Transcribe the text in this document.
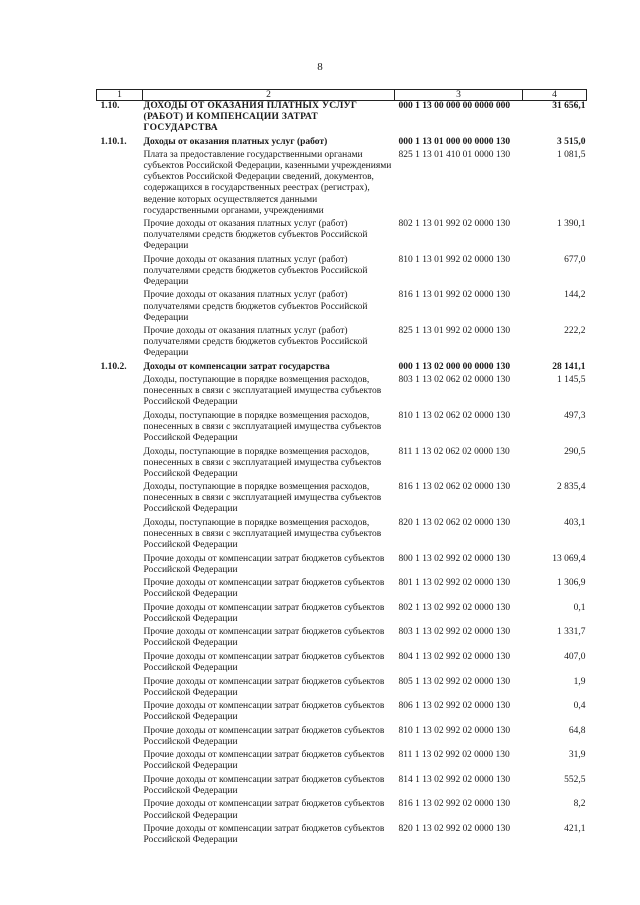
8
1	2	3	4
1.10.	ДОХОДЫ ОТ ОКАЗАНИЯ ПЛАТНЫХ УСЛУГ (РАБОТ) И КОМПЕНСАЦИИ ЗАТРАТ ГОСУДАРСТВА	000 1 13 00 000 00 0000 000	31 656,1
1.10.1.	Доходы от оказания платных услуг (работ)	000 1 13 01 000 00 0000 130	3 515,0
	Плата за предоставление государственными органами субъектов Российской Федерации, казенными учреждениями субъектов Российской Федерации сведений, документов, содержащихся в государственных реестрах (регистрах), ведение которых осуществляется данными государственными органами, учреждениями	825 1 13 01 410 01 0000 130	1 081,5
	Прочие доходы от оказания платных услуг (работ) получателями средств бюджетов субъектов Российской Федерации	802 1 13 01 992 02 0000 130	1 390,1
	Прочие доходы от оказания платных услуг (работ) получателями средств бюджетов субъектов Российской Федерации	810 1 13 01 992 02 0000 130	677,0
	Прочие доходы от оказания платных услуг (работ) получателями средств бюджетов субъектов Российской Федерации	816 1 13 01 992 02 0000 130	144,2
	Прочие доходы от оказания платных услуг (работ) получателями средств бюджетов субъектов Российской Федерации	825 1 13 01 992 02 0000 130	222,2
1.10.2.	Доходы от компенсации затрат государства	000 1 13 02 000 00 0000 130	28 141,1
	Доходы, поступающие в порядке возмещения расходов, понесенных в связи с эксплуатацией имущества субъектов Российской Федерации	803 1 13 02 062 02 0000 130	1 145,5
	Доходы, поступающие в порядке возмещения расходов, понесенных в связи с эксплуатацией имущества субъектов Российской Федерации	810 1 13 02 062 02 0000 130	497,3
	Доходы, поступающие в порядке возмещения расходов, понесенных в связи с эксплуатацией имущества субъектов Российской Федерации	811 1 13 02 062 02 0000 130	290,5
	Доходы, поступающие в порядке возмещения расходов, понесенных в связи с эксплуатацией имущества субъектов Российской Федерации	816 1 13 02 062 02 0000 130	2 835,4
	Доходы, поступающие в порядке возмещения расходов, понесенных в связи с эксплуатацией имущества субъектов Российской Федерации	820 1 13 02 062 02 0000 130	403,1
	Прочие доходы от компенсации затрат бюджетов субъектов Российской Федерации	800 1 13 02 992 02 0000 130	13 069,4
	Прочие доходы от компенсации затрат бюджетов субъектов Российской Федерации	801 1 13 02 992 02 0000 130	1 306,9
	Прочие доходы от компенсации затрат бюджетов субъектов Российской Федерации	802 1 13 02 992 02 0000 130	0,1
	Прочие доходы от компенсации затрат бюджетов субъектов Российской Федерации	803 1 13 02 992 02 0000 130	1 331,7
	Прочие доходы от компенсации затрат бюджетов субъектов Российской Федерации	804 1 13 02 992 02 0000 130	407,0
	Прочие доходы от компенсации затрат бюджетов субъектов Российской Федерации	805 1 13 02 992 02 0000 130	1,9
	Прочие доходы от компенсации затрат бюджетов субъектов Российской Федерации	806 1 13 02 992 02 0000 130	0,4
	Прочие доходы от компенсации затрат бюджетов субъектов Российской Федерации	810 1 13 02 992 02 0000 130	64,8
	Прочие доходы от компенсации затрат бюджетов субъектов Российской Федерации	811 1 13 02 992 02 0000 130	31,9
	Прочие доходы от компенсации затрат бюджетов субъектов Российской Федерации	814 1 13 02 992 02 0000 130	552,5
	Прочие доходы от компенсации затрат бюджетов субъектов Российской Федерации	816 1 13 02 992 02 0000 130	8,2
	Прочие доходы от компенсации затрат бюджетов субъектов Российской Федерации	820 1 13 02 992 02 0000 130	421,1
